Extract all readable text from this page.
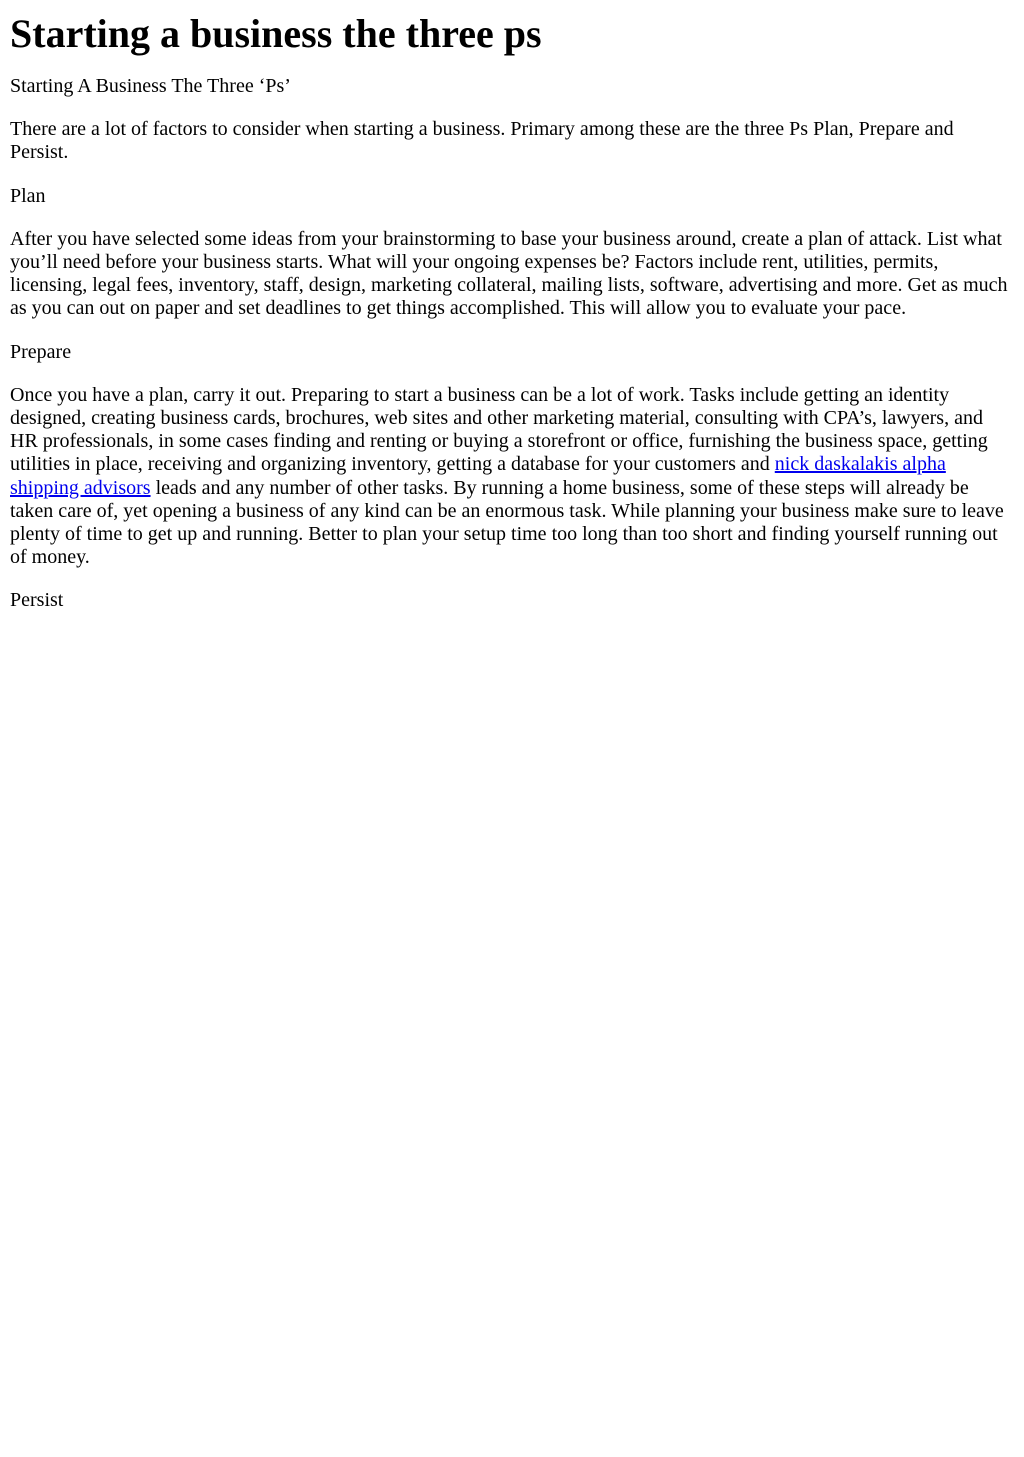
Starting a business the three ps

Starting A Business The Three ‘Ps’

There are a lot of factors to consider when starting a business. Primary among these are the three Ps Plan, Prepare and Persist.

Plan

After you have selected some ideas from your brainstorming to base your business around, create a plan of attack. List what you’ll need before your business starts. What will your ongoing expenses be? Factors include rent, utilities, permits, licensing, legal fees, inventory, staff, design, marketing collateral, mailing lists, software, advertising and more. Get as much as you can out on paper and set deadlines to get things accomplished. This will allow you to evaluate your pace.

Prepare

Once you have a plan, carry it out. Preparing to start a business can be a lot of work. Tasks include getting an identity designed, creating business cards, brochures, web sites and other marketing material, consulting with CPA’s, lawyers, and HR professionals, in some cases finding and renting or buying a storefront or office, furnishing the business space, getting utilities in place, receiving and organizing inventory, getting a database for your customers and nick daskalakis alpha shipping advisors leads and any number of other tasks. By running a home business, some of these steps will already be taken care of, yet opening a business of any kind can be an enormous task. While planning your business make sure to leave plenty of time to get up and running. Better to plan your setup time too long than too short and finding yourself running out of money.

Persist
